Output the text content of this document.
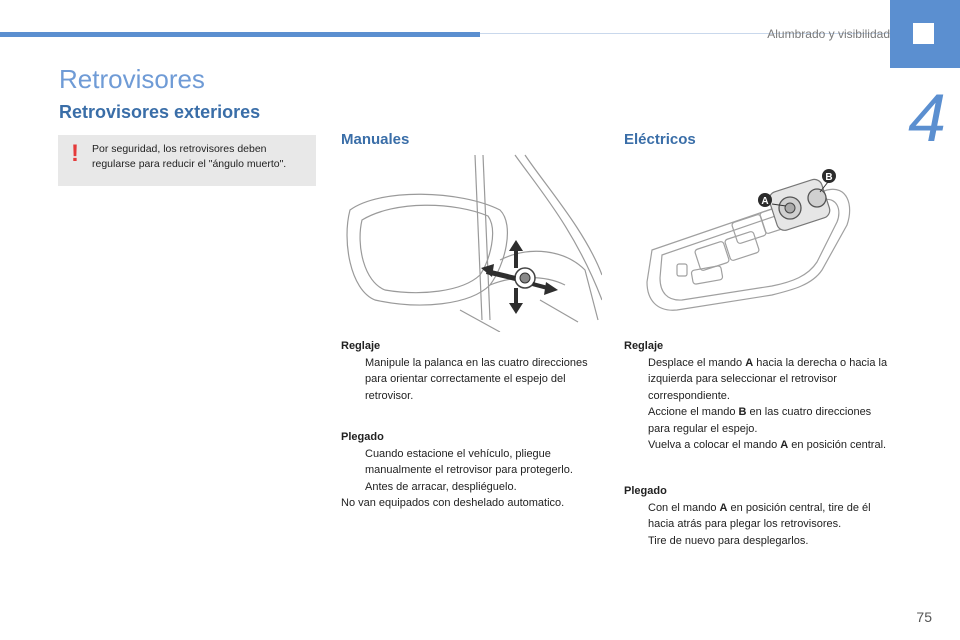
Alumbrado y visibilidad
4
Retrovisores
Retrovisores exteriores
! Por seguridad, los retrovisores deben regularse para reducir el "ángulo muerto".
Manuales	Eléctricos
A
B
Reglaje
Manipule la palanca en las cuatro direcciones para orientar correctamente el espejo del retrovisor.
Plegado
Cuando estacione el vehículo, pliegue manualmente el retrovisor para protegerlo.
Antes de arracar, despliéguelo.
No van equipados con deshelado automatico.
Reglaje
Desplace el mando A hacia la derecha o hacia la izquierda para seleccionar el retrovisor correspondiente.
Accione el mando B en las cuatro direcciones para regular el espejo.
Vuelva a colocar el mando A en posición central.
Plegado
Con el mando A en posición central, tire de él hacia atrás para plegar los retrovisores.
Tire de nuevo para desplegarlos.
75
